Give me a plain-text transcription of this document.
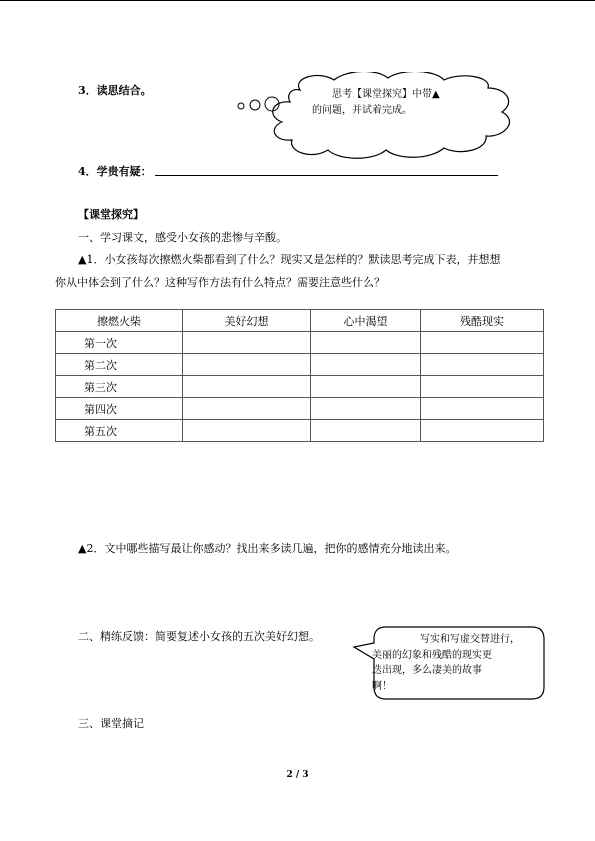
3．读思结合。	思考【课堂探究】中带▲
的问题，并试着完成。
4．学贵有疑：
【课堂探究】
一、学习课文，感受小女孩的悲惨与辛酸。
▲1．小女孩每次擦燃火柴都看到了什么？现实又是怎样的？默读思考完成下表，并想想
你从中体会到了什么？这种写作方法有什么特点？需要注意些什么？
擦燃火柴	美好幻想	心中渴望	残酷现实
第一次			
第二次			
第三次			
第四次			
第五次			
▲2．文中哪些描写最让你感动？找出来多读几遍，把你的感情充分地读出来。
二、精练反馈：简要复述小女孩的五次美好幻想。	写实和写虚交替进行，
美丽的幻象和残酷的现实更
迭出现，多么凄美的故事
啊！
三、课堂摘记
2 / 3
